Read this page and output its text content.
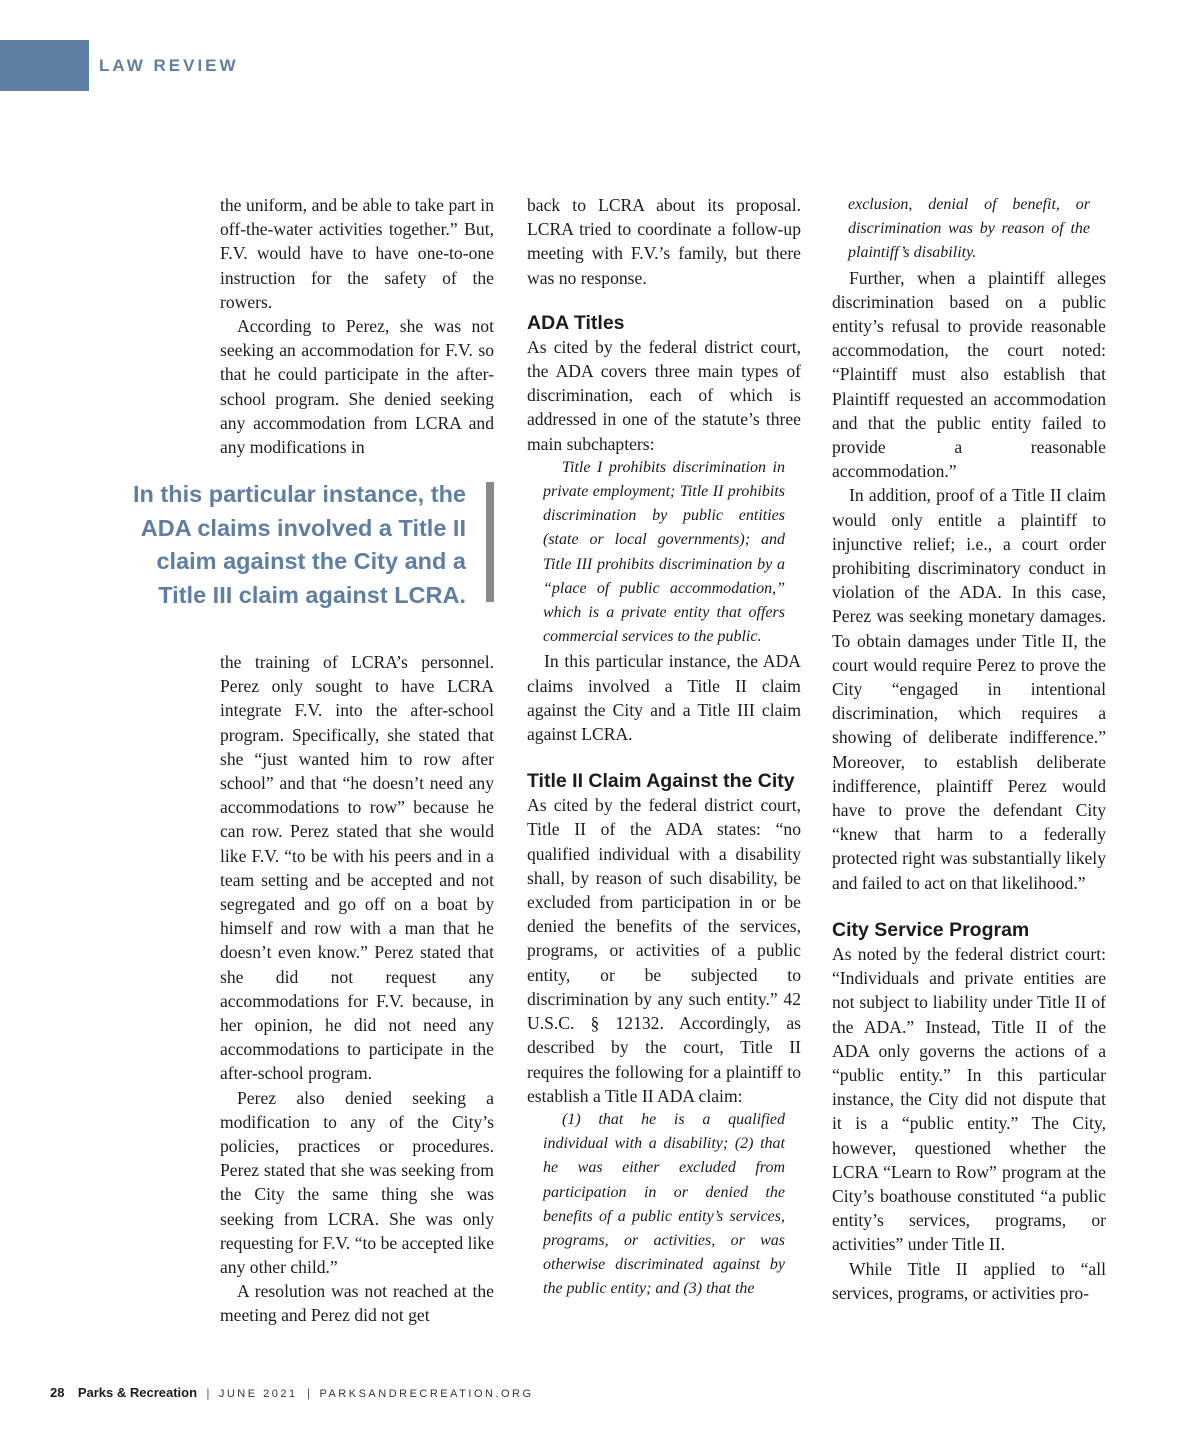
LAW REVIEW

the uniform, and be able to take part in off-the-water activities together.” But, F.V. would have to have one-to-one instruction for the safety of the rowers.

According to Perez, she was not seeking an accommodation for F.V. so that he could participate in the after-school program. She denied seeking any accommodation from LCRA and any modifications in

In this particular instance, the ADA claims involved a Title II claim against the City and a Title III claim against LCRA.

the training of LCRA’s personnel. Perez only sought to have LCRA integrate F.V. into the after-school program. Specifically, she stated that she “just wanted him to row after school” and that “he doesn’t need any accommodations to row” because he can row. Perez stated that she would like F.V. “to be with his peers and in a team setting and be accepted and not segregated and go off on a boat by himself and row with a man that he doesn’t even know.” Perez stated that she did not request any accommodations for F.V. because, in her opinion, he did not need any accommodations to participate in the after-school program.

Perez also denied seeking a modification to any of the City’s policies, practices or procedures. Perez stated that she was seeking from the City the same thing she was seeking from LCRA. She was only requesting for F.V. “to be accepted like any other child.”

A resolution was not reached at the meeting and Perez did not get

back to LCRA about its proposal. LCRA tried to coordinate a follow-up meeting with F.V.’s family, but there was no response.

ADA Titles

As cited by the federal district court, the ADA covers three main types of discrimination, each of which is addressed in one of the statute’s three main subchapters:

Title I prohibits discrimination in private employment; Title II prohibits discrimination by public entities (state or local governments); and Title III prohibits discrimination by a “place of public accommodation,” which is a private entity that offers commercial services to the public.

In this particular instance, the ADA claims involved a Title II claim against the City and a Title III claim against LCRA.

Title II Claim Against the City

As cited by the federal district court, Title II of the ADA states: “no qualified individual with a disability shall, by reason of such disability, be excluded from participation in or be denied the benefits of the services, programs, or activities of a public entity, or be subjected to discrimination by any such entity.” 42 U.S.C. § 12132. Accordingly, as described by the court, Title II requires the following for a plaintiff to establish a Title II ADA claim:

(1) that he is a qualified individual with a disability; (2) that he was either excluded from participation in or denied the benefits of a public entity’s services, programs, or activities, or was otherwise discriminated against by the public entity; and (3) that the

exclusion, denial of benefit, or discrimination was by reason of the plaintiff’s disability.

Further, when a plaintiff alleges discrimination based on a public entity’s refusal to provide reasonable accommodation, the court noted: “Plaintiff must also establish that Plaintiff requested an accommodation and that the public entity failed to provide a reasonable accommodation.”

In addition, proof of a Title II claim would only entitle a plaintiff to injunctive relief; i.e., a court order prohibiting discriminatory conduct in violation of the ADA. In this case, Perez was seeking monetary damages. To obtain damages under Title II, the court would require Perez to prove the City “engaged in intentional discrimination, which requires a showing of deliberate indifference.” Moreover, to establish deliberate indifference, plaintiff Perez would have to prove the defendant City “knew that harm to a federally protected right was substantially likely and failed to act on that likelihood.”

City Service Program

As noted by the federal district court: “Individuals and private entities are not subject to liability under Title II of the ADA.” Instead, Title II of the ADA only governs the actions of a “public entity.” In this particular instance, the City did not dispute that it is a “public entity.” The City, however, questioned whether the LCRA “Learn to Row” program at the City’s boathouse constituted “a public entity’s services, programs, or activities” under Title II.

While Title II applied to “all services, programs, or activities pro-

28 Parks & Recreation | JUNE 2021 | PARKSANDRECREATION.ORG
